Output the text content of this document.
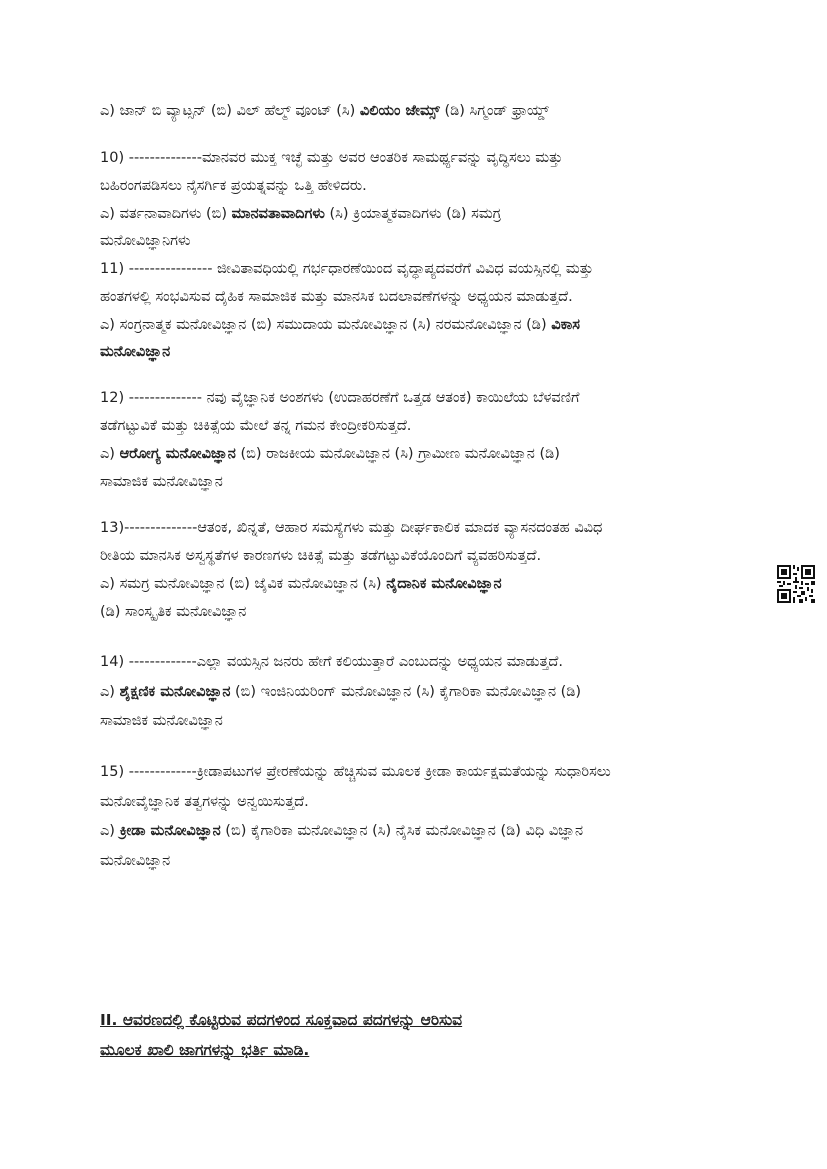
ಎ) ಜಾನ್ ಬಿ ವ್ಯಾಟ್ಸನ್ (ಬಿ) ವಿಲ್ ಹೆಲ್ಮ್ ವೂಂಟ್ (ಸಿ) ವಿಲಿಯಂ ಜೇಮ್ಸ್ (ಡಿ) ಸಿಗ್ಮಂಡ್ ಫ್ರಾಯ್ಡ್
10) --------------ಮಾನವರ ಮುಕ್ತ ಇಚ್ಛೆ ಮತ್ತು ಅವರ ಆಂತರಿಕ ಸಾಮರ್ಥ್ಯವನ್ನು ವೃದ್ಧಿಸಲು ಮತ್ತು
ಬಹಿರಂಗಪಡಿಸಲು ನೈಸರ್ಗಿಕ ಪ್ರಯತ್ನವನ್ನು ಒತ್ತಿ ಹೇಳಿದರು.
ಎ) ವರ್ತನಾವಾದಿಗಳು (ಬಿ) ಮಾನವತಾವಾದಿಗಳು (ಸಿ) ಕ್ರಿಯಾತ್ಮಕವಾದಿಗಳು (ಡಿ) ಸಮಗ್ರ
ಮನೋವಿಜ್ಞಾನಿಗಳು
11) ---------------- ಜೀವಿತಾವಧಿಯಲ್ಲಿ ಗರ್ಭಧಾರಣೆಯಿಂದ ವೃದ್ಧಾಪ್ಯದವರೆಗೆ ವಿವಿಧ ವಯಸ್ಸಿನಲ್ಲಿ ಮತ್ತು
ಹಂತಗಳಲ್ಲಿ ಸಂಭವಿಸುವ ದೈಹಿಕ ಸಾಮಾಜಿಕ ಮತ್ತು ಮಾನಸಿಕ ಬದಲಾವಣೆಗಳನ್ನು ಅಧ್ಯಯನ ಮಾಡುತ್ತದೆ.
ಎ) ಸಂಗ್ರನಾತ್ಮಕ ಮನೋವಿಜ್ಞಾನ (ಬಿ) ಸಮುದಾಯ ಮನೋವಿಜ್ಞಾನ (ಸಿ) ನರಮನೋವಿಜ್ಞಾನ (ಡಿ) ವಿಕಾಸ
ಮನೋವಿಜ್ಞಾನ
12) -------------- ನವು ವೈಜ್ಞಾನಿಕ ಅಂಶಗಳು (ಉದಾಹರಣೆಗೆ ಒತ್ತಡ ಆತಂಕ) ಕಾಯಿಲೆಯ ಬೆಳವಣಿಗೆ
ತಡೆಗಟ್ಟುವಿಕೆ ಮತ್ತು ಚಿಕಿತ್ಸೆಯ ಮೇಲೆ ತನ್ನ ಗಮನ ಕೇಂದ್ರೀಕರಿಸುತ್ತದೆ.
ಎ) ಆರೋಗ್ಯ ಮನೋವಿಜ್ಞಾನ (ಬಿ) ರಾಜಕೀಯ ಮನೋವಿಜ್ಞಾನ (ಸಿ) ಗ್ರಾಮೀಣ ಮನೋವಿಜ್ಞಾನ (ಡಿ)
ಸಾಮಾಜಿಕ ಮನೋವಿಜ್ಞಾನ
13)--------------ಆತಂಕ, ಖಿನ್ನತೆ, ಆಹಾರ ಸಮಸ್ಯೆಗಳು ಮತ್ತು ದೀರ್ಘಕಾಲಿಕ ಮಾದಕ ವ್ಯಾಸನದಂತಹ ವಿವಿಧ
ರೀತಿಯ ಮಾನಸಿಕ ಅಸ್ವಸ್ಥತೆಗಳ ಕಾರಣಗಳು ಚಿಕಿತ್ಸೆ ಮತ್ತು ತಡೆಗಟ್ಟುವಿಕೆಯೊಂದಿಗೆ ವ್ಯವಹರಿಸುತ್ತದೆ.
ಎ) ಸಮಗ್ರ ಮನೋವಿಜ್ಞಾನ (ಬಿ) ಜೈವಿಕ ಮನೋವಿಜ್ಞಾನ (ಸಿ) ನೈದಾನಿಕ ಮನೋವಿಜ್ಞಾನ
(ಡಿ) ಸಾಂಸ್ಕೃತಿಕ ಮನೋವಿಜ್ಞಾನ
14) -------------ಎಲ್ಲಾ ವಯಸ್ಸಿನ ಜನರು ಹೇಗೆ ಕಲಿಯುತ್ತಾರೆ ಎಂಬುದನ್ನು ಅಧ್ಯಯನ ಮಾಡುತ್ತದೆ.
ಎ) ಶೈಕ್ಷಣಿಕ ಮನೋವಿಜ್ಞಾನ (ಬಿ) ಇಂಜಿನಿಯರಿಂಗ್ ಮನೋವಿಜ್ಞಾನ (ಸಿ) ಕೈಗಾರಿಕಾ ಮನೋವಿಜ್ಞಾನ (ಡಿ)
ಸಾಮಾಜಿಕ ಮನೋವಿಜ್ಞಾನ
15) -------------ಕ್ರೀಡಾಪಟುಗಳ ಪ್ರೇರಣೆಯನ್ನು ಹೆಚ್ಚಿಸುವ ಮೂಲಕ ಕ್ರೀಡಾ ಕಾರ್ಯಕ್ಷಮತೆಯನ್ನು ಸುಧಾರಿಸಲು
ಮನೋವೈಜ್ಞಾನಿಕ ತತ್ವಗಳನ್ನು ಅನ್ವಯಿಸುತ್ತದೆ.
ಎ) ಕ್ರೀಡಾ ಮನೋವಿಜ್ಞಾನ (ಬಿ) ಕೈಗಾರಿಕಾ ಮನೋವಿಜ್ಞಾನ (ಸಿ) ನೈಸಿಕ ಮನೋವಿಜ್ಞಾನ (ಡಿ) ವಿಧಿ ವಿಜ್ಞಾನ
ಮನೋವಿಜ್ಞಾನ
II. ಆವರಣದಲ್ಲಿ ಕೊಟ್ಟಿರುವ ಪದಗಳಿಂದ ಸೂಕ್ತವಾದ ಪದಗಳನ್ನು ಆರಿಸುವ
ಮೂಲಕ ಖಾಲಿ ಜಾಗಗಳನ್ನು ಭರ್ತಿ ಮಾಡಿ.
